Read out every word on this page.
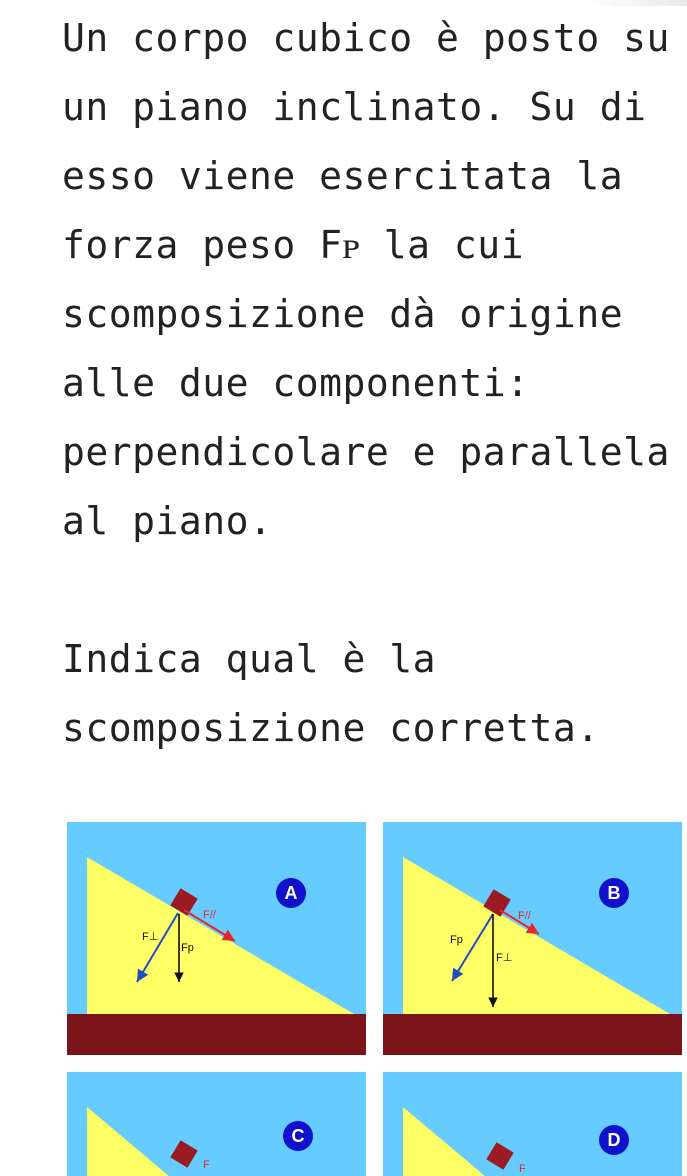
Un corpo cubico è posto su

un piano inclinato. Su di

esso viene esercitata la

forza peso Fᴘ la cui

scomposizione dà origine

alle due componenti:

perpendicolare e parallela

al piano.

Indica qual è la

scomposizione corretta.

F//
F⊥
Fp
A
F//
Fp
F⊥
B
F
C
F
D
